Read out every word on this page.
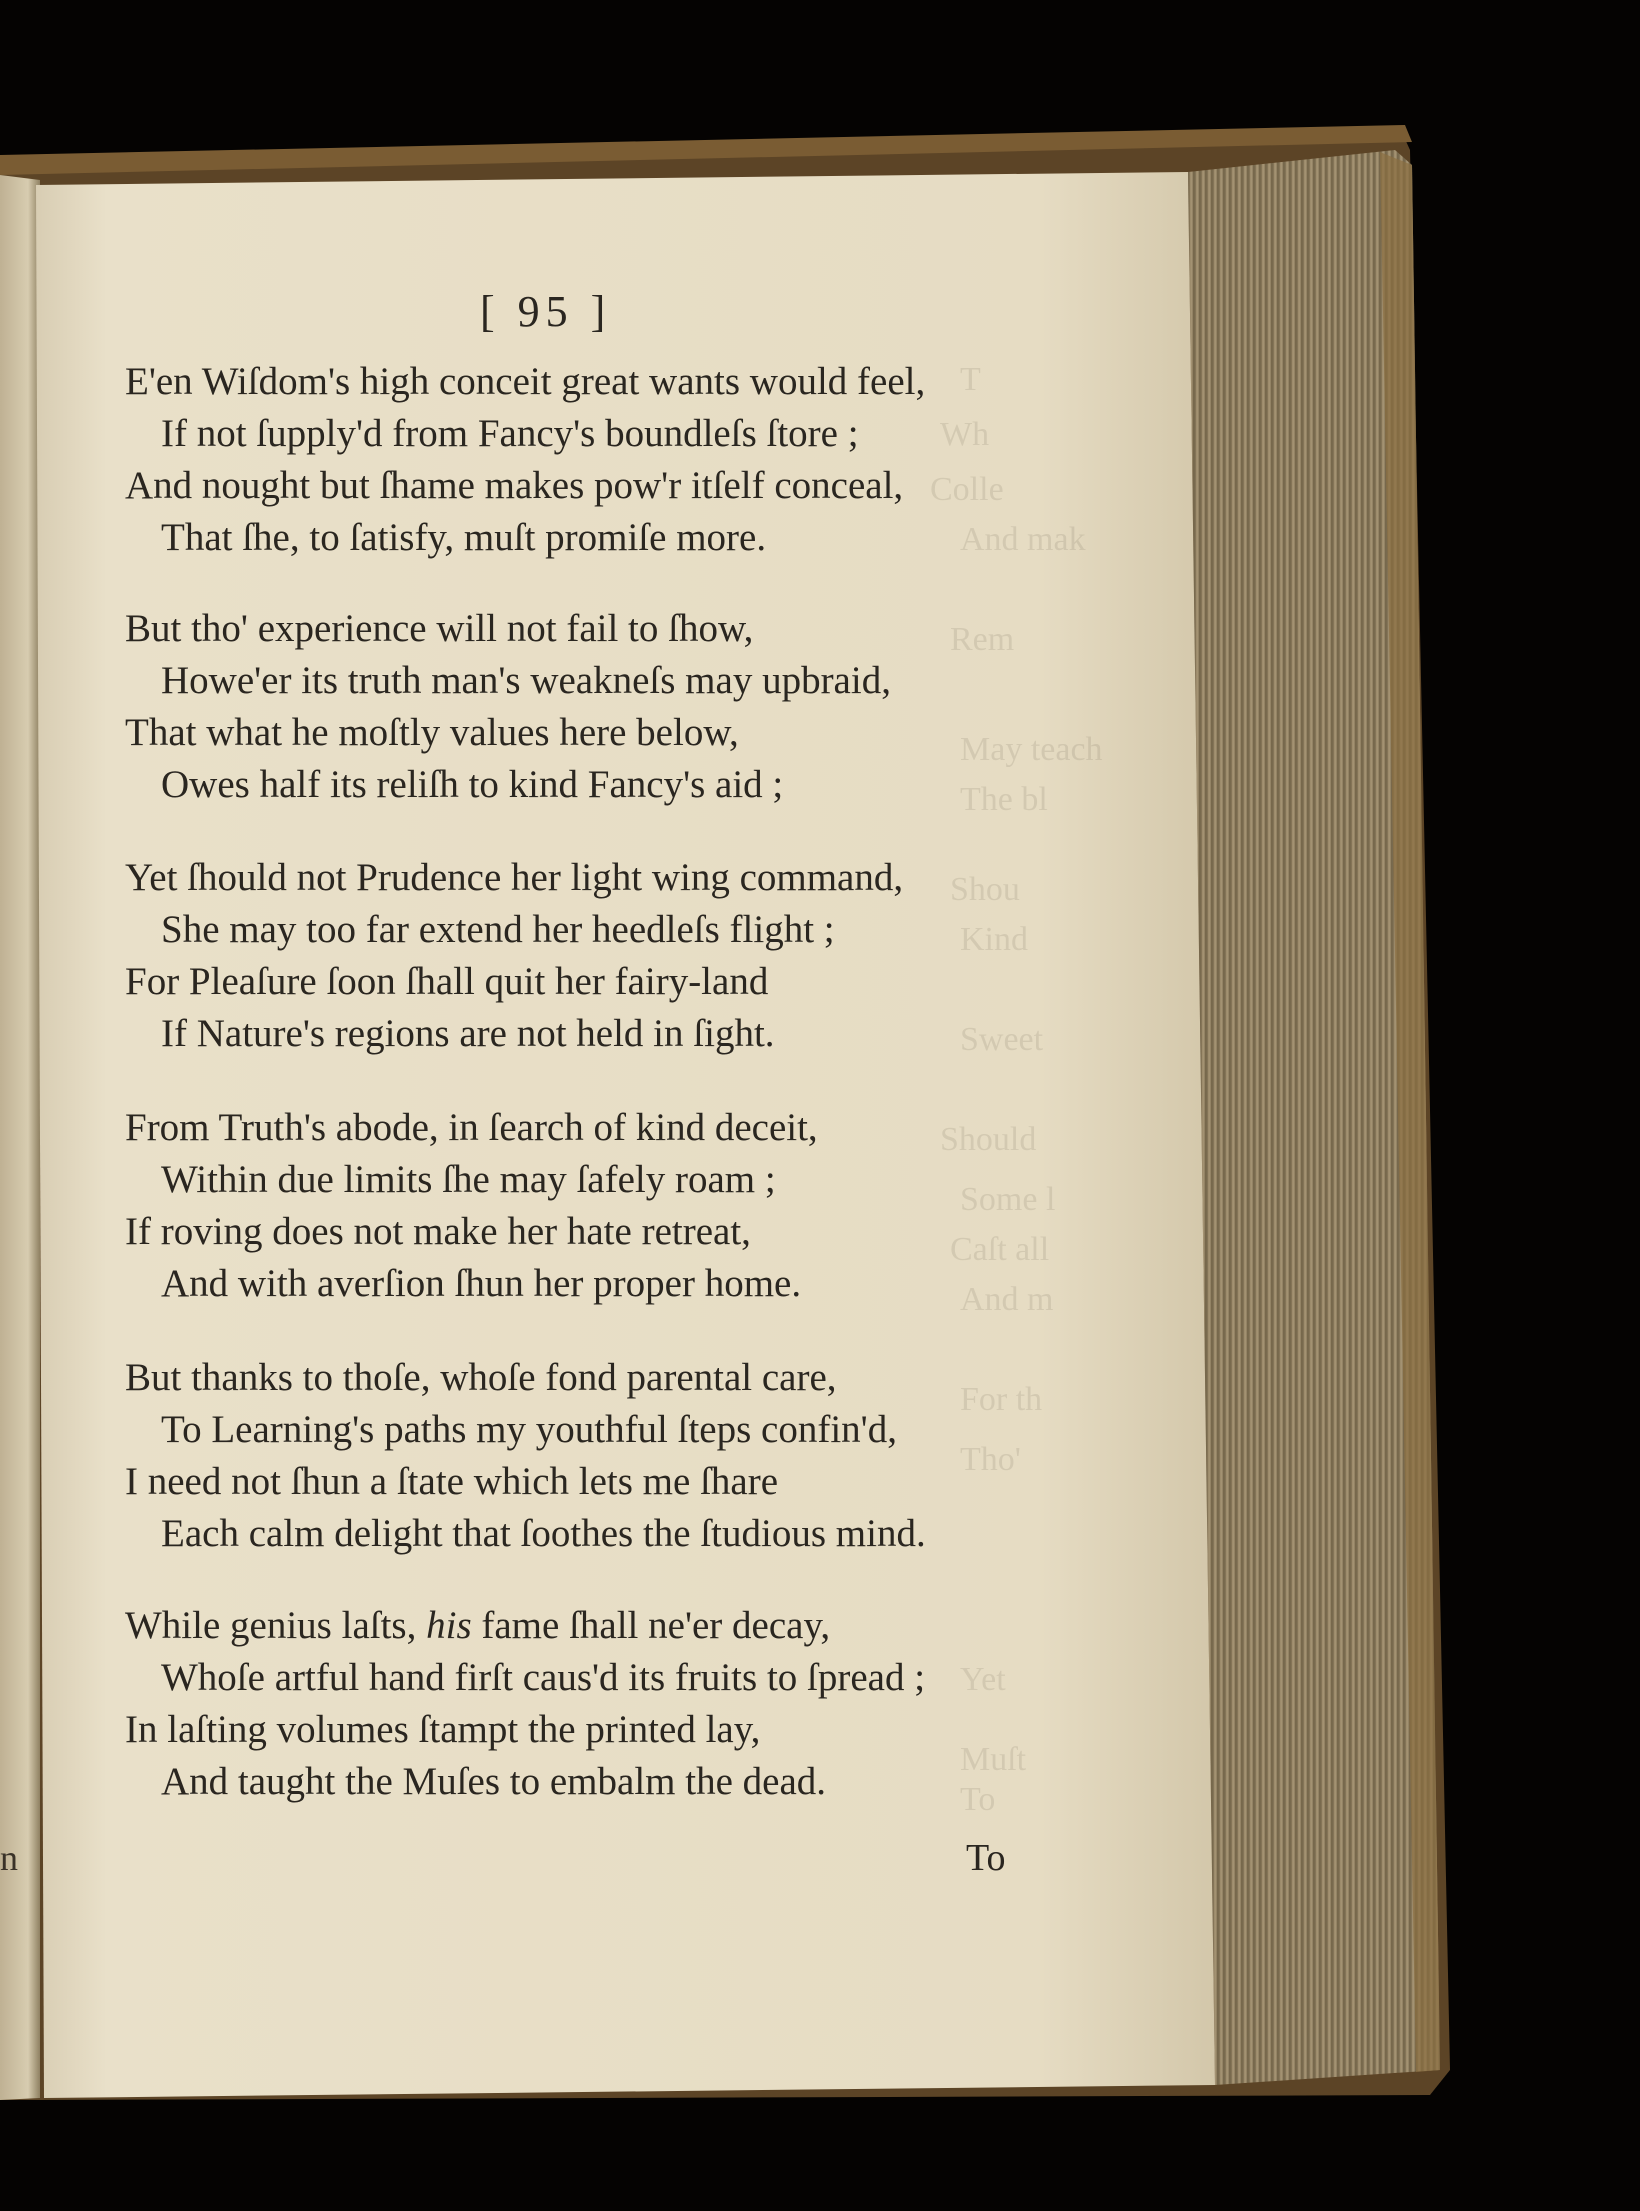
T
Wh
Colle
And mak
Rem
May teach
The bl
Shou
Kind
Sweet
Should
Some l
Caſt all
And m
For th
Tho'
Yet
Muſt
To
[ 95 ]
E'en Wiſdom's high conceit great wants would feel,
If not ſupply'd from Fancy's boundleſs ſtore ;
And nought but ſhame makes pow'r itſelf conceal,
That ſhe, to ſatisfy, muſt promiſe more.
But tho' experience will not fail to ſhow,
Howe'er its truth man's weakneſs may upbraid,
That what he moſtly values here below,
Owes half its reliſh to kind Fancy's aid ;
Yet ſhould not Prudence her light wing command,
She may too far extend her heedleſs flight ;
For Pleaſure ſoon ſhall quit her fairy-land
If Nature's regions are not held in ſight.
From Truth's abode, in ſearch of kind deceit,
Within due limits ſhe may ſafely roam ;
If roving does not make her hate retreat,
And with averſion ſhun her proper home.
But thanks to thoſe, whoſe fond parental care,
To Learning's paths my youthful ſteps confin'd,
I need not ſhun a ſtate which lets me ſhare
Each calm delight that ſoothes the ſtudious mind.
While genius laſts, his fame ſhall ne'er decay,
Whoſe artful hand firſt caus'd its fruits to ſpread ;
In laſting volumes ſtampt the printed lay,
And taught the Muſes to embalm the dead.
To
n
